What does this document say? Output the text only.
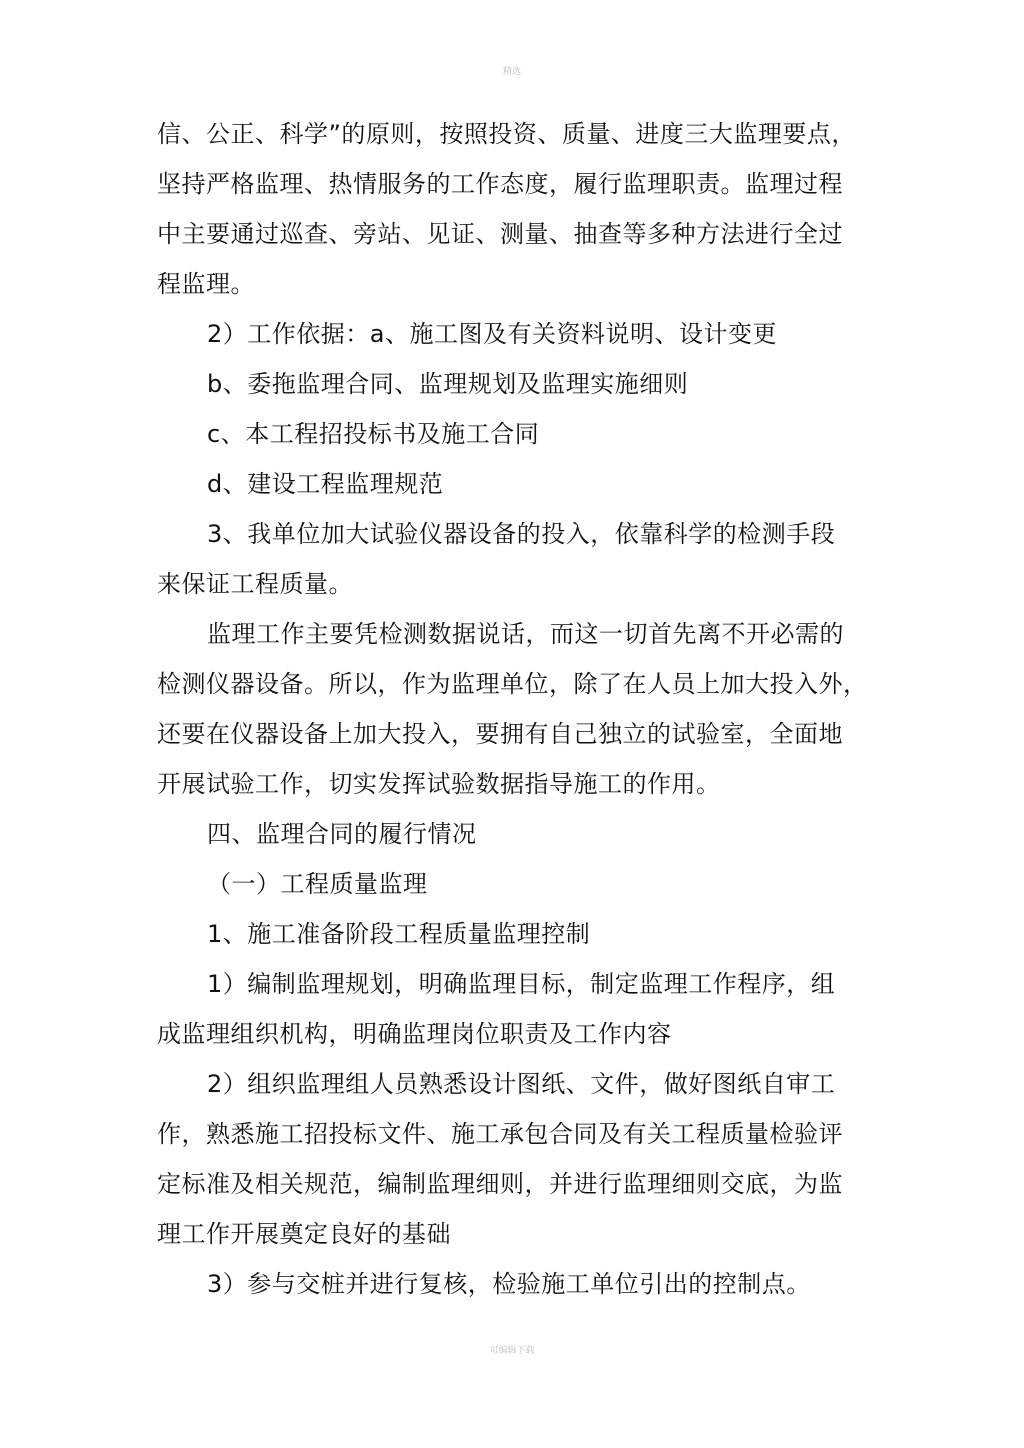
精选
信、公正、科学”的原则，按照投资、质量、进度三大监理要点，
坚持严格监理、热情服务的工作态度，履行监理职责。监理过程
中主要通过巡查、旁站、见证、测量、抽查等多种方法进行全过
程监理。
2）工作依据：a、施工图及有关资料说明、设计变更
b、委拖监理合同、监理规划及监理实施细则
c、本工程招投标书及施工合同
d、建设工程监理规范
3、我单位加大试验仪器设备的投入，依靠科学的检测手段
来保证工程质量。
监理工作主要凭检测数据说话，而这一切首先离不开必需的
检测仪器设备。所以，作为监理单位，除了在人员上加大投入外，
还要在仪器设备上加大投入，要拥有自己独立的试验室，全面地
开展试验工作，切实发挥试验数据指导施工的作用。
四、监理合同的履行情况
（一）工程质量监理
1、施工准备阶段工程质量监理控制
1）编制监理规划，明确监理目标，制定监理工作程序，组
成监理组织机构，明确监理岗位职责及工作内容
2）组织监理组人员熟悉设计图纸、文件，做好图纸自审工
作，熟悉施工招投标文件、施工承包合同及有关工程质量检验评
定标准及相关规范，编制监理细则，并进行监理细则交底，为监
理工作开展奠定良好的基础
3）参与交桩并进行复核，检验施工单位引出的控制点。
可编辑下载
